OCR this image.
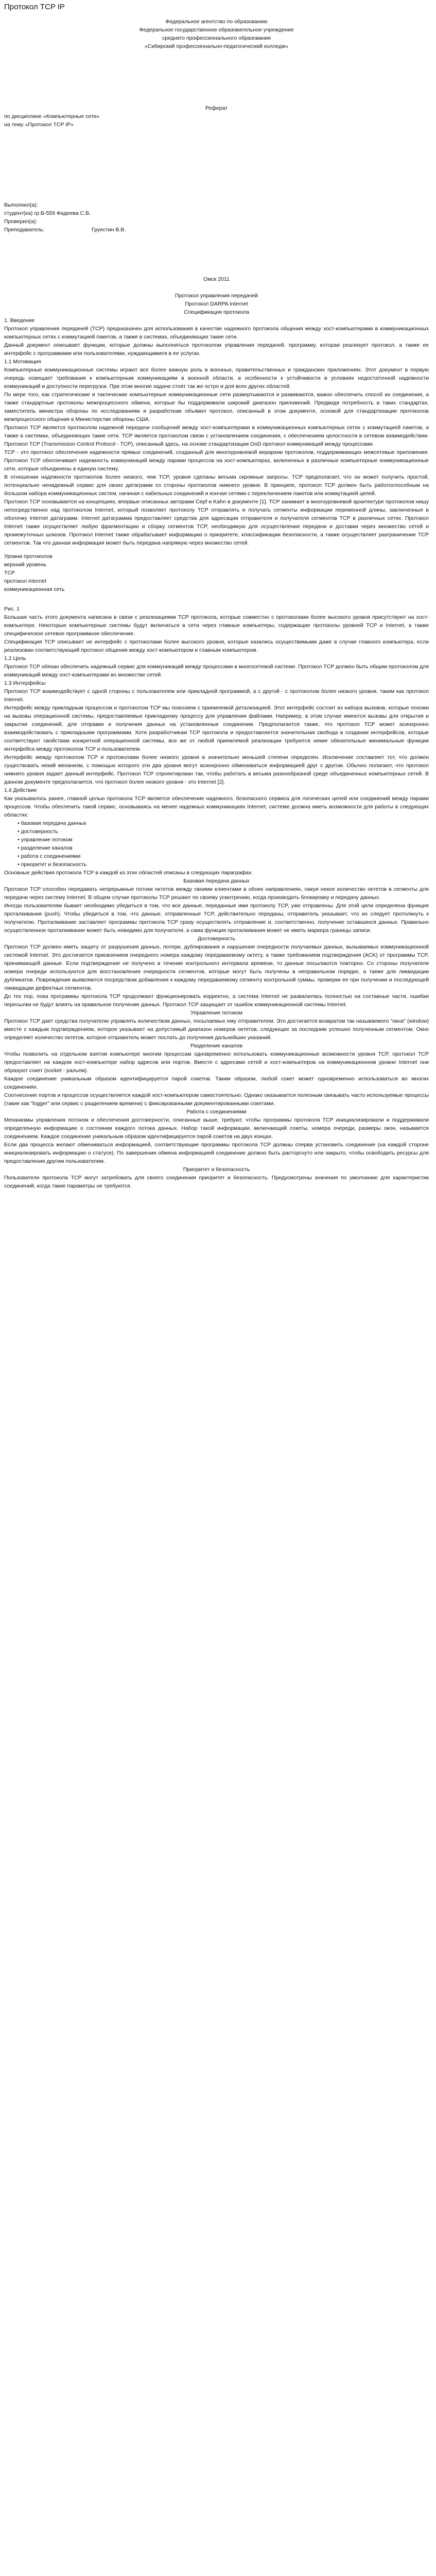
Протокол TCP IP

Федеральное агентство по образованию

Федеральное государственное образовательное учреждение

среднего профессионального образования

«Сибирский профессионально-педагогический колледж»

Реферат

по дисциплине «Компьютерные сети»

на тему «Протокол TCP IP»

Выполнил(а):
студент(ка) гр.В-559 Фадеева С.В.
Проверил(а):
Преподаватель:	Груестин В.В.

Омск 2011

Протокол управления передачей

Протокол DARPA Internet

Спецификация протокола

1. Введение

Протокол управления передачей (TCP) предназначен для использования в качестве надежного протокола общения между хост-компьютерами в коммуникационных компьютерных сетях с коммутацией пакетов, а также в системах, объединяющих такие сети.

Данный документ описывает функции, которые должны выполняться протоколом управления передачей, программу, которая реализует протокол, а также ее интерфейс с программами или пользователями, нуждающимися в ее услугах.

1.1 Мотивация

Компьютерные коммуникационные системы играют все более важную роль в военных, правительственных и гражданских приложениях. Этот документ в первую очередь освещает требования к компьютерным коммуникациям в военной области, в особенности к устойчивости в условиях недостаточной надежности коммуникаций и доступности перегрузок. При этом многие задачи стоят так же остро и для всех других областей.

По мере того, как стратегические и тактические компьютерные коммуникационные сети развертываются и развиваются, важно обеспечить способ их соединения, а также стандартные протоколы межпроцессного обмена, которые бы поддерживали широкий диапазон приложений. Предвидя потребность в таких стандартах, заместитель министра обороны по исследованиям и разработкам объявил протокол, описанный в этом документе, основой для стандартизации протоколов межпроцессного общения в Министерстве обороны США.

Протокол TCP является протоколом надежной передачи сообщений между хост-компьютерами в коммуникационных компьютерных сетях с коммутацией пакетов, а также в системах, объединяющих такие сети. TCP является протоколом связи с установлением соединения, с обеспечением целостности в сетевом взаимодействии. Протокол TCP (Transmission Control Protocol - TCP), описанный здесь, на основе стандартизации ОоD протокол коммуникаций между процессами.

TCP - это протокол обеспечения надежности прямых соединений, созданный для многоуровневой иерархии протоколов, поддерживающих межсетевые приложения. Протокол TCP обеспечивает надежность коммуникаций между парами процессов на хост-компьютерах, включенных в различные компьютерные коммуникационные сети, которые объединены в единую систему.

В отношении надежности протоколов более низкого, чем TCP, уровня сделаны весьма скромные запросы. TCP предполагает, что он может получить простой, потенциально ненадежный сервис для своих датаграмм со стороны протоколов нижнего уровня. В принципе, протокол TCP должен быть работоспособным на большом набора коммуникационных систем, начиная с кабельных соединений и кончая сетями с переключением пакетов или коммутацией цепей.

Протокол TCP основывается на концепциях, впервые описанных авторами Серf и Kahn в документе [1]. TCP занимает в многоуровневой архитектуре протоколов нишу непосредственно над протоколом Internet, который позволяет протоколу TCP отправлять и получать сегменты информации переменной длины, заключенные в оболочку Internet датаграмм. Internet датаграмма предоставляет средства для адресации отправителя и получателя сегментов TCP в различных сетях. Протокол Internet также осуществляет любую фрагментацию и сборку сегментов TCP, необходимую для осуществления передачи и доставки через множество сетей и промежуточных шлюзов. Протокол Internet также обрабатывает информацию о приоритете, классификации безопасности, а также осуществляет разграничение TCP сегментов. Так что данная информация может быть передана напрямую через множество сетей.

Уровни протоколов

верхний уровень

TCP

протокол internet

коммуникационная сеть

Рис. 1

Большая часть этого документа написана в связи с реализациями TCP протокола, которые совместно с протоколами более высокого уровня присутствуют на хост-компьютере. Некоторые компьютерные системы будут включаться в сети через главные компьютеры, содержащие протоколы уровней TCP и Internet, а также специфическое сетевое программное обеспечение.

Спецификация TCP описывает не интерфейс с протоколами более высокого уровня, которые казались осуществимыми даже в случае главного компьютера, если реализован соответствующий протокол общения между хост-компьютером и главным компьютером.

1.2 Цель

Протокол TCP обязан обеспечить надежный сервис для коммуникаций между процессами в многосетевой системе. Протокол TCP должен быть общим протоколом для коммуникаций между хост-компьютерами во множестве сетей.

1.3 Интерфейсы

Протокол TCP взаимодействует с одной стороны с пользователем или прикладной программой, а с другой - с протоколом более низкого уровня, таким как протокол Internet.

Интерфейс между прикладным процессом и протоколом TCP мы поясняем с приемлемой детализацией. Этот интерфейс состоит из набора вызовов, которые похожи на вызовы операционной системы, предоставляемые прикладному процессу для управления файлами. Например, в этом случае имеются вызовы для открытия и закрытия соединений, для отправки и получения данных на установленные соединения. Предполагается также, что протокол TCP может асинхронно взаимодействовать с прикладными программами. Хотя разработчикам TCP протокола и предоставляется значительная свобода в создании интерфейсов, которые соответствуют свойствам конкретной операционной системы, все же от любой приемлемой реализации требуются некие обязательные минимальные функции интерфейса между протоколом TCP и пользователем.

Интерфейс между протоколом TCP и протоколами более низкого уровня в значительно меньшей степени определен. Исключение составляет тот, что должен существовать некий механизм, с помощью которого эти два уровня могут асинхронно обмениваться информацией друг с другом. Обычно полагают, что протокол нижнего уровня задает данный интерфейс. Протокол TCP спроектирован так, чтобы работать в весьма разнообразной среде объединенных компьютерных сетей. В данном документе предполагается, что протокол более низкого уровня - это Internet [2].

1.4 Действие

Как указывалось ранее, главной целью протокола TCP является обеспечение надежного, безопасного сервиса для логических цепей или соединений между парами процессов. Чтобы обеспечить такой сервис, основываясь на менее надежных коммуникациях Internet, системе должна иметь возможности для работы в следующих областях:

• базовая передача данных

• достоверность

• управление потоком

• разделение каналов

• работа с соединениями

• приоритет и безопасность

Основные действия протокола TCP в каждой из этих областей описаны в следующих параграфах.

Базовая передача данных

Протокол TCP способен передавать непрерывные потоки октетов между своими клиентами в обоих направлениях, пакуя некое количество октетов в сегменты для передачи через систему Internet. В общем случае протоколы TCP решают по своему усмотрению, когда производить блокировку и передачу данных.

Иногда пользователям бывает необходимо убедиться в том, что все данные, переданные ими протоколу TCP, уже отправлены. Для этой цели определена функция проталкивания (push). Чтобы убедиться в том, что данные, отправленные TCP, действительно переданы, отправитель указывает, что их следует протолкнуть к получателю. Проталкивание заставляет программы протокола TCP сразу осуществлять отправление и, соответственно, получение оставшихся данных. Правильно осуществленное проталкивание может быть невидимо для получателя, а сама функция проталкивания может не иметь маркера границы записи.

Достоверность

Протокол TCP должен иметь защиту от разрушения данных, потери, дублирования и нарушения очередности получаемых данных, вызываемых коммуникационной системой Internet. Это достигается присвоением очередного номера каждому передаваемому октету, а также требованием подтверждения (ACK) от программы TCP, принимающей данные. Если подтверждение не получено в течение контрольного интервала времени, то данные посылаются повторно. Со стороны получателя номера очереди используются для восстановления очередности сегментов, которые могут быть получены в неправильном порядке, а также для ликвидации дубликатов. Повреждения выявляются посредством добавления к каждому передаваемому сегменту контрольной суммы, проверки ее при получении и последующей ликвидации дефектных сегментов.

До тех пор, пока программы протокола TCP продолжают функционировать корректно, а система Internet не развалилась полностью на составные части, ошибки пересылки не будут влиять на правильное получение данных. Протокол TCP защищает от ошибок коммуникационной системы Internet.

Управление потоком

Протокол TCP дает средства получателю управлять количеством данных, посылаемых ему отправителем. Это достигается возвратом так называемого "окна" (window) вместе с каждым подтверждением, которое указывает на допустимый диапазон номеров октетов, следующих за последним успешно полученным сегментом. Окно определяет количество октетов, которое отправитель может послать до получения дальнейших указаний.

Разделение каналов

Чтобы позволить на отдельном взятом компьютере многим процессам одновременно использовать коммуникационные возможности уровня TCP, протокол TCP предоставляет на каждом хост-компьютере набор адресов или портов. Вместе с адресами сетей и хост-компьютеров на коммуникационном уровне Internet они образуют сокет (socket - разъем).

Каждое соединение уникальным образом идентифицируется парой сокетов. Таким образом, любой сокет может одновременно использоваться во многих соединениях.

Соотнесение портов и процессов осуществляется каждой хост-компьютером самостоятельно. Однако оказывается полезным связывать часто используемые процессы (такие как "logger" или сервис с разделением времени) с фиксированными документированными сокетами.

Работа с соединениями

Механизмы управления потоком и обеспечения достоверности, описанные выше, требуют, чтобы программы протокола TCP инициализировали и поддерживали определенную информацию о состоянии каждого потока данных. Набор такой информации, включающий сокеты, номера очереди, размеры окон, называется соединением. Каждое соединение уникальным образом идентифицируется парой сокетов на двух концах.

Если два процесса желают обмениваться информацией, соответствующие программы протокола TCP должны сперва установить соединение (на каждой стороне инициализировать информацию о статусе). По завершении обмена информацией соединение должно быть расторгнуто или закрыто, чтобы освободить ресурсы для предоставления другим пользователям.

Приоритет и безопасность

Пользователи протокола TCP могут затребовать для своего соединения приоритет и безопасность. Предусмотрены значения по умолчанию для характеристик соединений, когда такие параметры не требуются.
